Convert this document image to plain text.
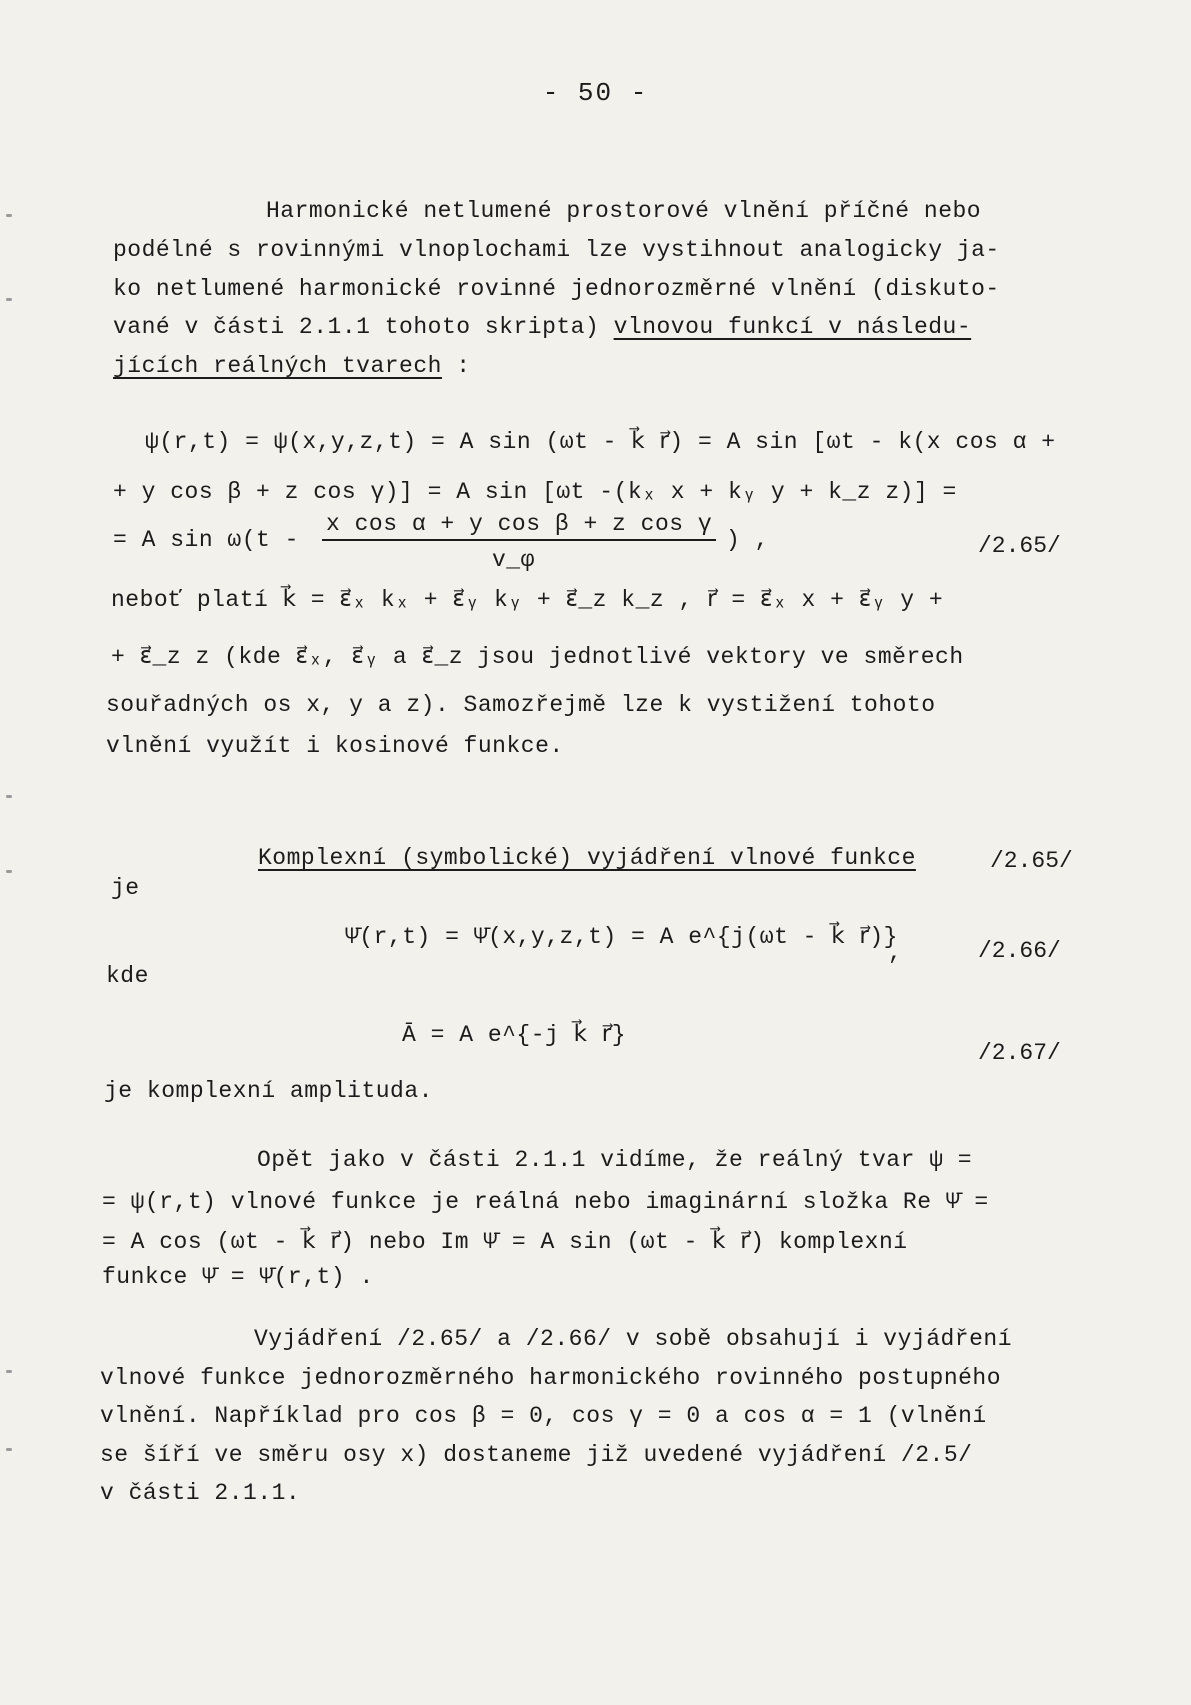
- 50 -
Harmonické netlumené prostorové vlnění příčné nebo
podélné s rovinnými vlnoplochami lze vystihnout analogicky ja-
ko netlumené harmonické rovinné jednorozměrné vlnění (diskuto-
vané v části 2.1.1 tohoto skripta) vlnovou funkcí v následu-
jících reálných tvarech :
ψ(r,t) = ψ(x,y,z,t) = A sin (ωt - k⃗ r⃗) = A sin [ωt - k(x cos α +
+ y cos β + z cos γ)] = A sin [ωt -(kₓ x + kᵧ y + k_z z)] =
= A sin ω(t -
x cos α + y cos β + z cos γ
v_φ
) ,	/2.65/
neboť platí k⃗ = ε⃗ₓ kₓ + ε⃗ᵧ kᵧ + ε⃗_z k_z , r⃗ = ε⃗ₓ x + ε⃗ᵧ y +
+ ε⃗_z z (kde ε⃗ₓ, ε⃗ᵧ a ε⃗_z jsou jednotlivé vektory ve směrech
souřadných os x, y a z). Samozřejmě lze k vystižení tohoto
vlnění využít i kosinové funkce.
Komplexní (symbolické) vyjádření vlnové funkce	/2.65/
je
Ψ̄(r,t) = Ψ̄(x,y,z,t) = A e^{j(ωt - k⃗ r⃗)}
,	/2.66/
kde
Ā = A e^{-j k⃗ r⃗}
/2.67/
je komplexní amplituda.
Opět jako v části 2.1.1 vidíme, že reálný tvar ψ =
= ψ(r,t) vlnové funkce je reálná nebo imaginární složka Re Ψ̄ =
= A cos (ωt - k⃗ r⃗) nebo Im Ψ̄ = A sin (ωt - k⃗ r⃗) komplexní
funkce Ψ̄ = Ψ̄(r,t) .
Vyjádření /2.65/ a /2.66/ v sobě obsahují i vyjádření
vlnové funkce jednorozměrného harmonického rovinného postupného
vlnění. Například pro cos β = 0, cos γ = 0 a cos α = 1 (vlnění
se šíří ve směru osy x) dostaneme již uvedené vyjádření /2.5/
v části 2.1.1.
